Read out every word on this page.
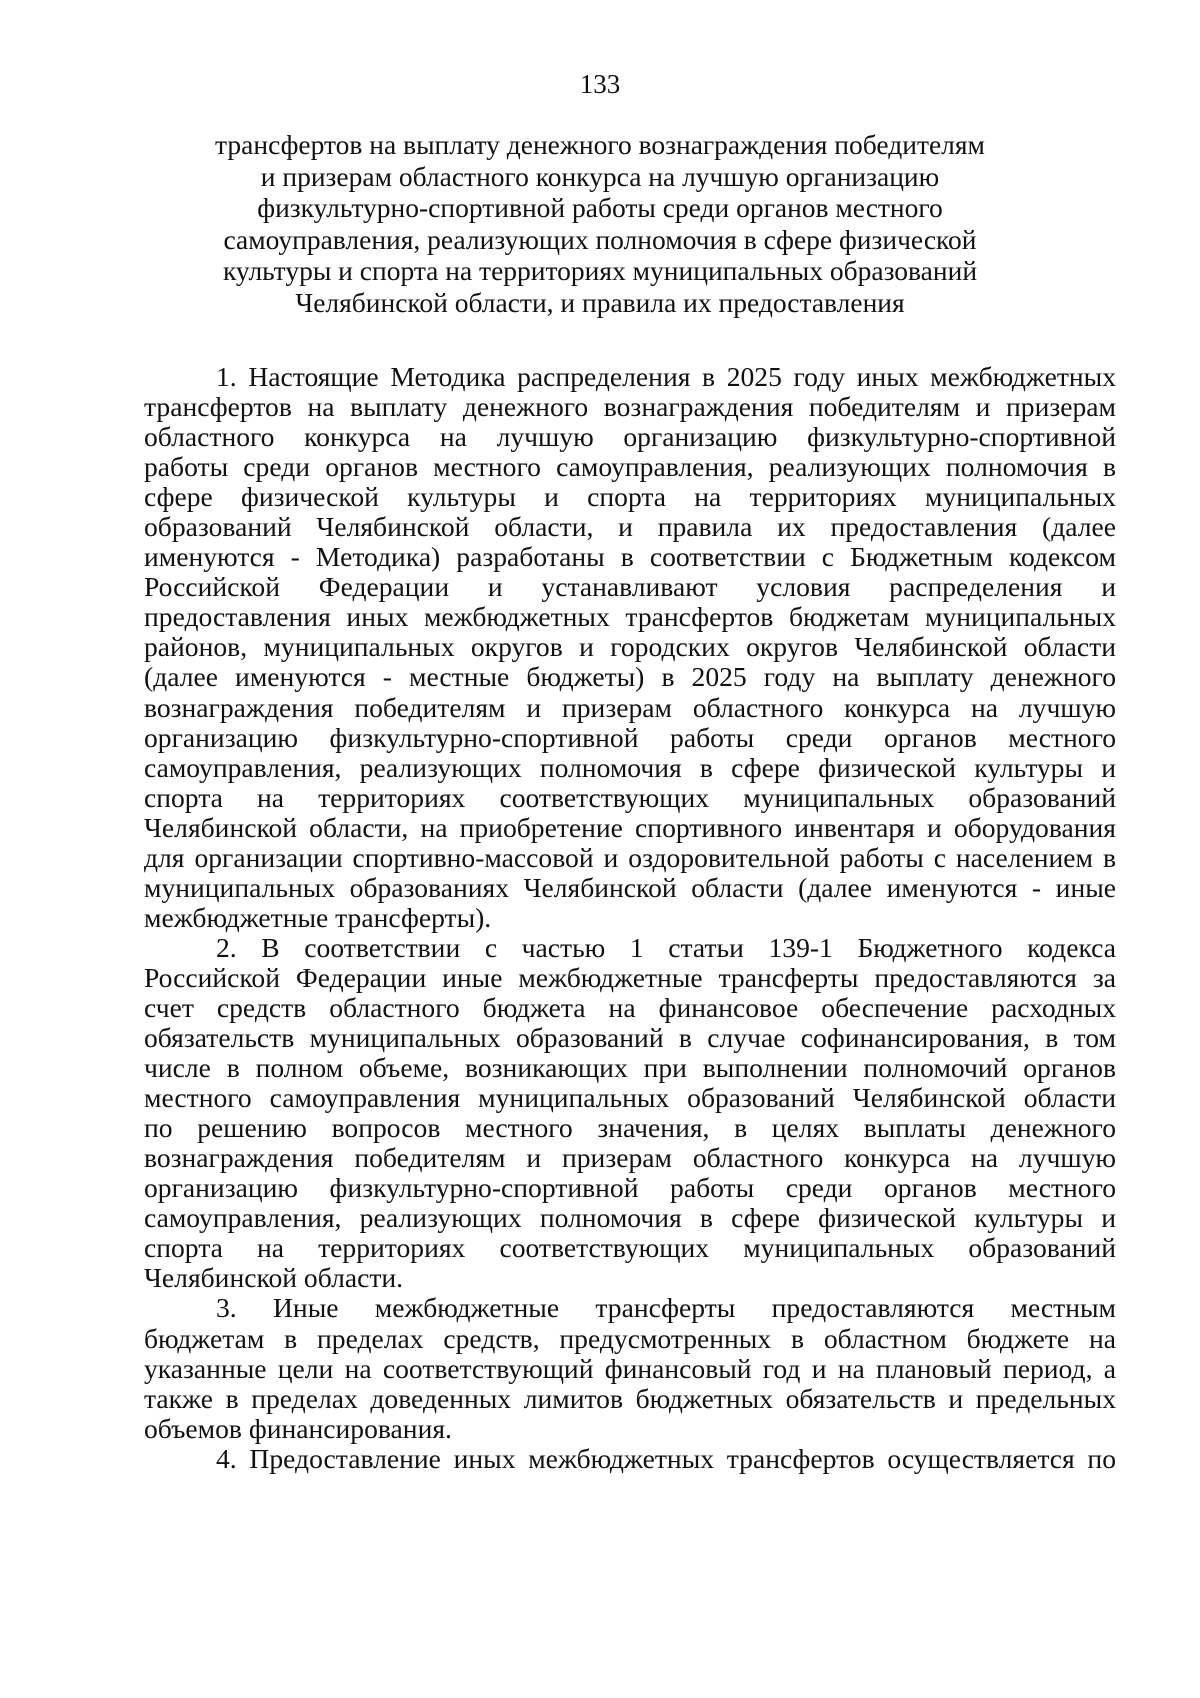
133
трансфертов на выплату денежного вознаграждения победителям
и призерам областного конкурса на лучшую организацию
физкультурно-спортивной работы среди органов местного
самоуправления, реализующих полномочия в сфере физической
культуры и спорта на территориях муниципальных образований
Челябинской области, и правила их предоставления
1. Настоящие Методика распределения в 2025 году иных межбюджетных
трансфертов на выплату денежного вознаграждения победителям и призерам
областного конкурса на лучшую организацию физкультурно-спортивной
работы среди органов местного самоуправления, реализующих полномочия в
сфере физической культуры и спорта на территориях муниципальных
образований Челябинской области, и правила их предоставления (далее
именуются - Методика) разработаны в соответствии с Бюджетным кодексом
Российской Федерации и устанавливают условия распределения и
предоставления иных межбюджетных трансфертов бюджетам муниципальных
районов, муниципальных округов и городских округов Челябинской области
(далее именуются - местные бюджеты) в 2025 году на выплату денежного
вознаграждения победителям и призерам областного конкурса на лучшую
организацию физкультурно-спортивной работы среди органов местного
самоуправления, реализующих полномочия в сфере физической культуры и
спорта на территориях соответствующих муниципальных образований
Челябинской области, на приобретение спортивного инвентаря и оборудования
для организации спортивно-массовой и оздоровительной работы с населением в
муниципальных образованиях Челябинской области (далее именуются - иные
межбюджетные трансферты).
2. В соответствии с частью 1 статьи 139-1 Бюджетного кодекса
Российской Федерации иные межбюджетные трансферты предоставляются за
счет средств областного бюджета на финансовое обеспечение расходных
обязательств муниципальных образований в случае софинансирования, в том
числе в полном объеме, возникающих при выполнении полномочий органов
местного самоуправления муниципальных образований Челябинской области
по решению вопросов местного значения, в целях выплаты денежного
вознаграждения победителям и призерам областного конкурса на лучшую
организацию физкультурно-спортивной работы среди органов местного
самоуправления, реализующих полномочия в сфере физической культуры и
спорта на территориях соответствующих муниципальных образований
Челябинской области.
3. Иные межбюджетные трансферты предоставляются местным
бюджетам в пределах средств, предусмотренных в областном бюджете на
указанные цели на соответствующий финансовый год и на плановый период, а
также в пределах доведенных лимитов бюджетных обязательств и предельных
объемов финансирования.
4. Предоставление иных межбюджетных трансфертов осуществляется по
